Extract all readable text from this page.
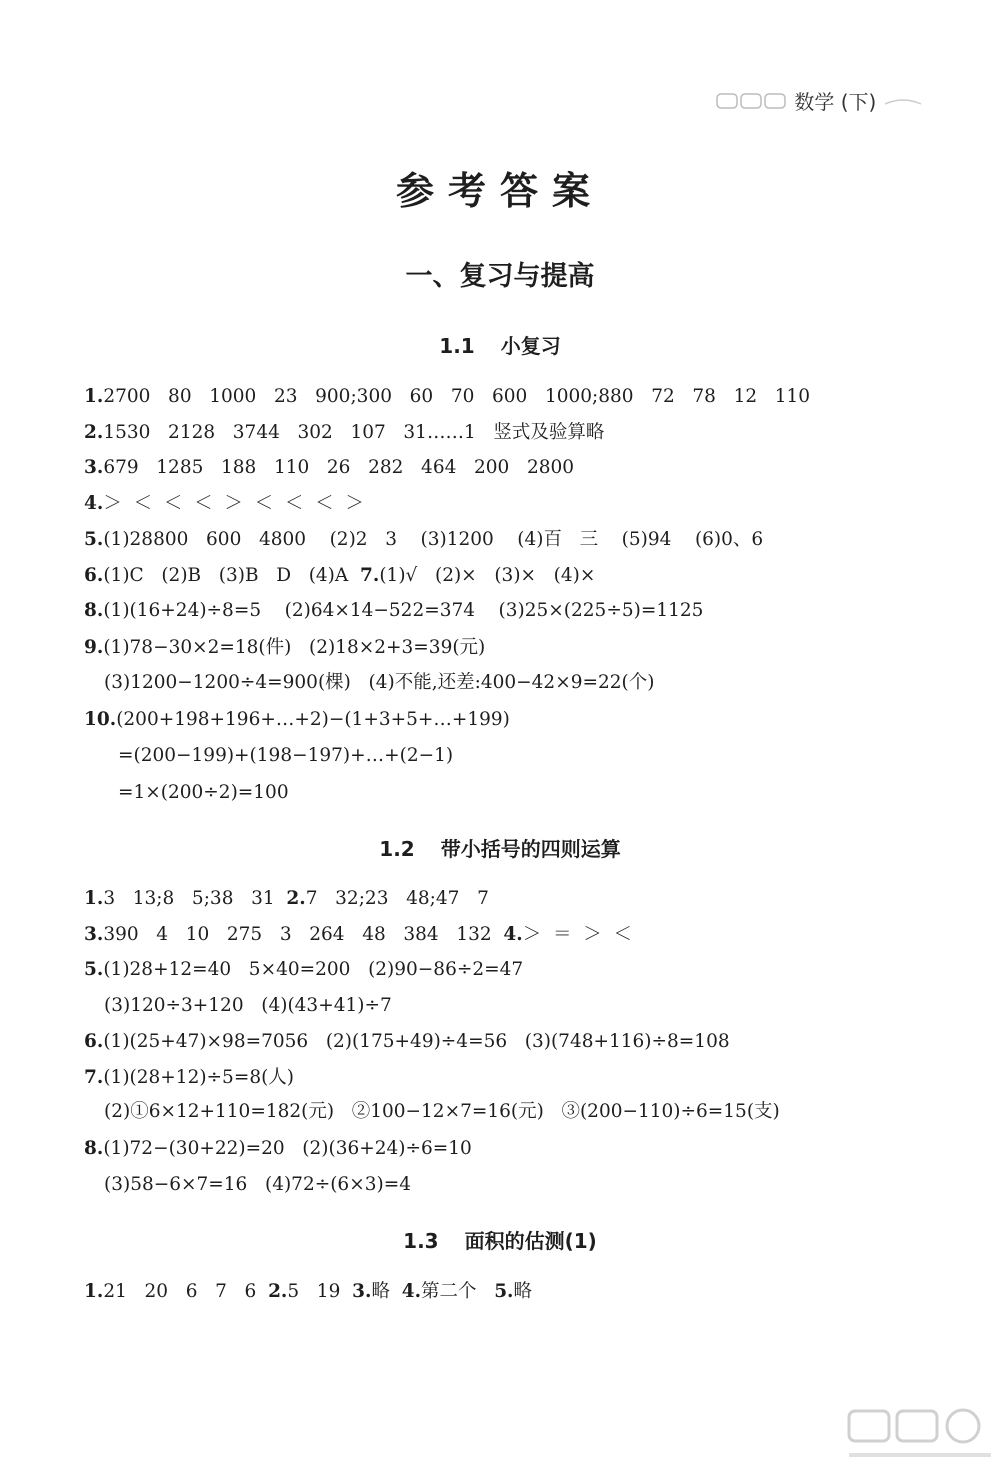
数学 (下)
参考答案
一、复习与提高
1.1 小复习
1.2700   80   1000   23   900;300   60   70   600   1000;880   72   78   12   110
2.1530   2128   3744   302   107   31……1   竖式及验算略
3.679   1285   188   110   26   282   464   200   2800
4.＞  ＜  ＜  ＜  ＞  ＜  ＜  ＜  ＞
5.(1)28800   600   4800    (2)2   3    (3)1200    (4)百   三    (5)94    (6)0、6
6.(1)C   (2)B   (3)B   D   (4)A  7.(1)√   (2)×   (3)×   (4)×
8.(1)(16+24)÷8=5    (2)64×14−522=374    (3)25×(225÷5)=1125
9.(1)78−30×2=18(件)   (2)18×2+3=39(元)
(3)1200−1200÷4=900(棵)   (4)不能,还差:400−42×9=22(个)
10.(200+198+196+…+2)−(1+3+5+…+199)
=(200−199)+(198−197)+…+(2−1)
=1×(200÷2)=100
1.2 带小括号的四则运算
1.3   13;8   5;38   31  2.7   32;23   48;47   7
3.390   4   10   275   3   264   48   384   132  4.＞  ＝  ＞  ＜
5.(1)28+12=40   5×40=200   (2)90−86÷2=47
(3)120÷3+120   (4)(43+41)÷7
6.(1)(25+47)×98=7056   (2)(175+49)÷4=56   (3)(748+116)÷8=108
7.(1)(28+12)÷5=8(人)
(2)①6×12+110=182(元)   ②100−12×7=16(元)   ③(200−110)÷6=15(支)
8.(1)72−(30+22)=20   (2)(36+24)÷6=10
(3)58−6×7=16   (4)72÷(6×3)=4
1.3 面积的估测(1)
1.21   20   6   7   6  2.5   19  3.略  4.第二个   5.略
